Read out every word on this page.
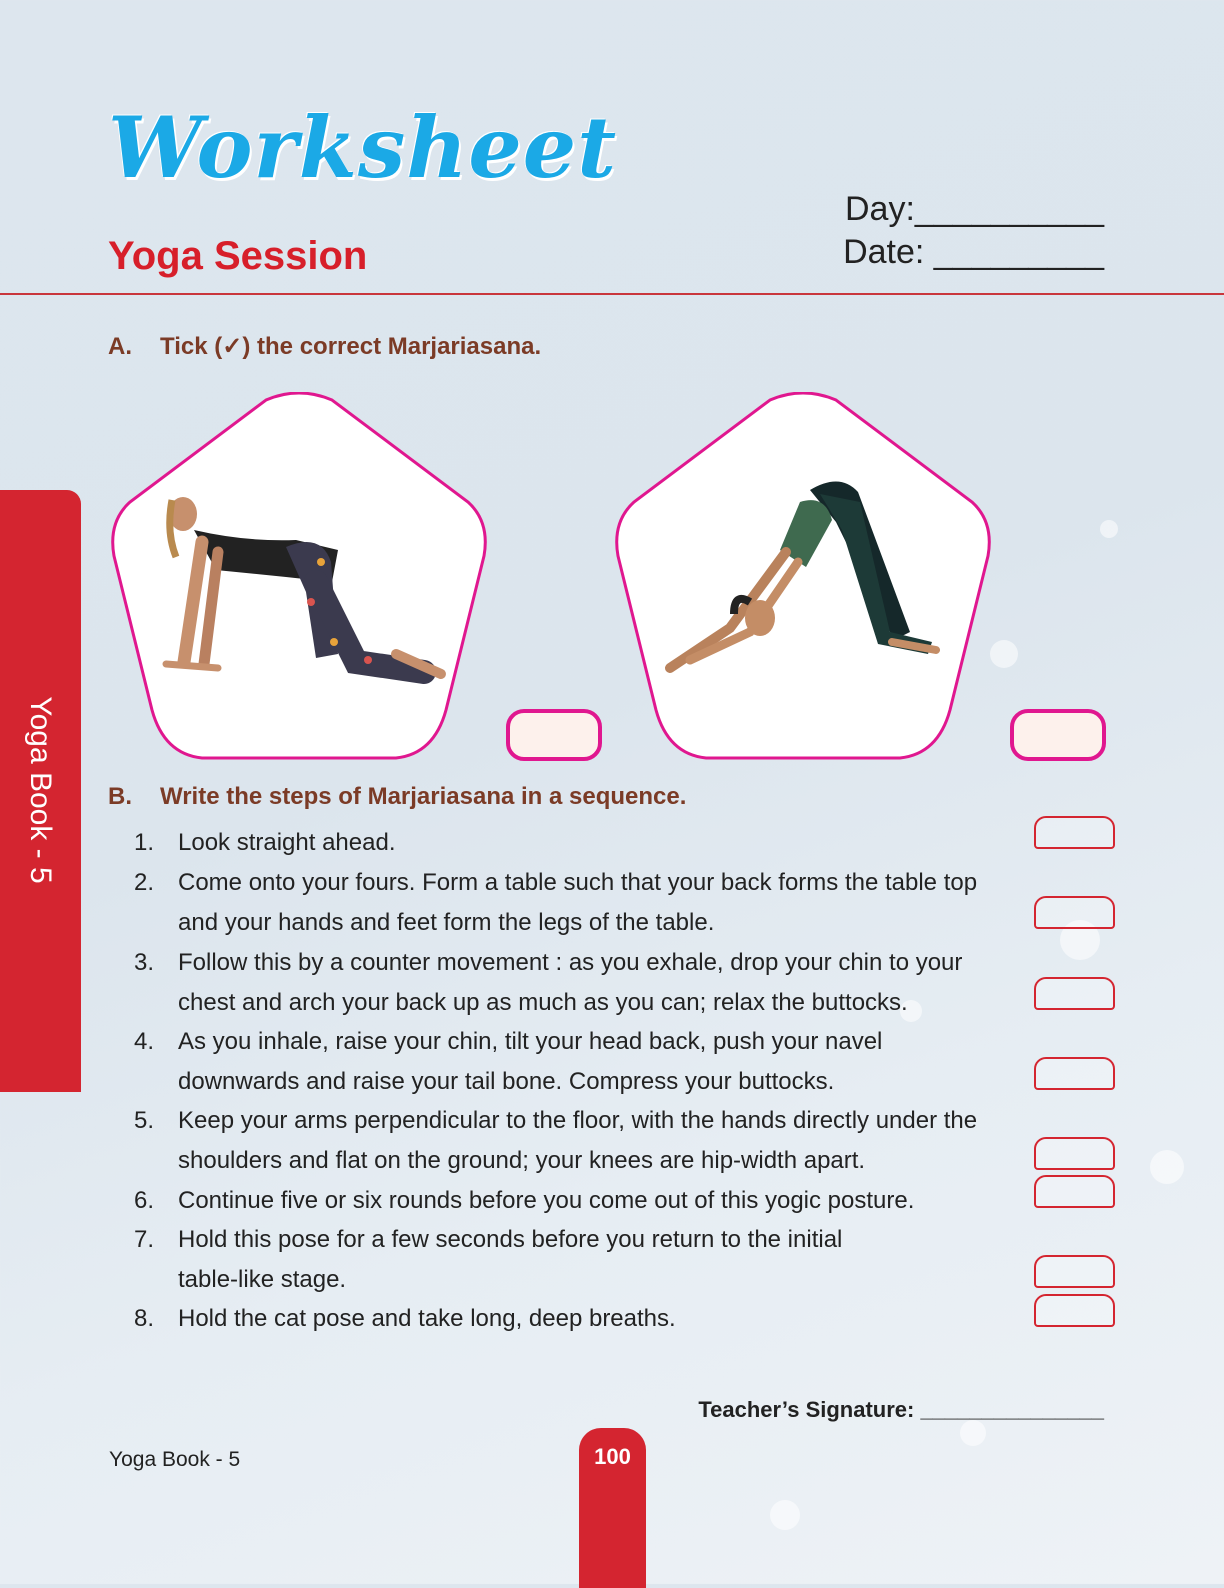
Worksheet
Yoga Session
Day:__________
Date: _________
Yoga Book - 5
A. Tick (✓) the correct Marjariasana.
B. Write the steps of Marjariasana in a sequence.
1. Look straight ahead.
2. Come onto your fours. Form a table such that your back forms the table top and your hands and feet form the legs of the table.
3. Follow this by a counter movement : as you exhale, drop your chin to your chest and arch your back up as much as you can; relax the buttocks.
4. As you inhale, raise your chin, tilt your head back, push your navel downwards and raise your tail bone. Compress your buttocks.
5. Keep your arms perpendicular to the floor, with the hands directly under the shoulders and flat on the ground; your knees are hip-width apart.
6. Continue five or six rounds before you come out of this yogic posture.
7. Hold this pose for a few seconds before you return to the initial table-like stage.
8. Hold the cat pose and take long, deep breaths.
Teacher’s Signature: _______________
Yoga Book - 5	100
